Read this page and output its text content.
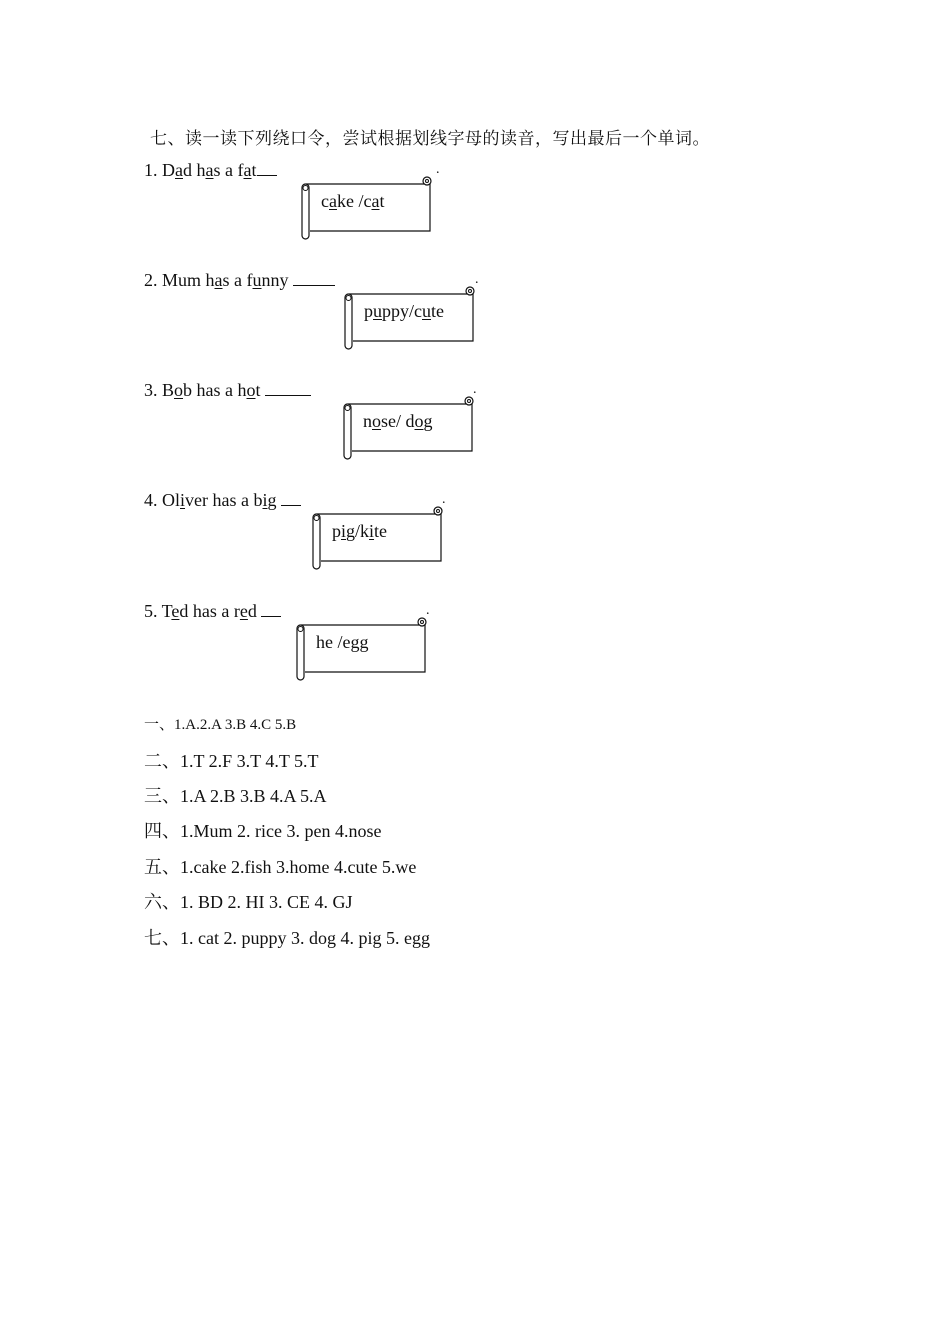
七、读一读下列绕口令，尝试根据划线字母的读音，写出最后一个单词。
1. Dad has a fat	.
cake /cat
2. Mum has a funny	.
puppy/cute
3. Bob has a hot	.
nose/ dog
4. Oliver has a big	.
pig/kite
5. Ted has a red	.
he /egg
一、1.A.2.A 3.B 4.C 5.B
二、1.T 2.F 3.T 4.T 5.T
三、1.A 2.B 3.B 4.A 5.A
四、1.Mum 2. rice 3. pen 4.nose
五、1.cake 2.fish 3.home 4.cute 5.we
六、1. BD 2. HI 3. CE 4. GJ
七、1. cat 2. puppy 3. dog 4. pig 5. egg
